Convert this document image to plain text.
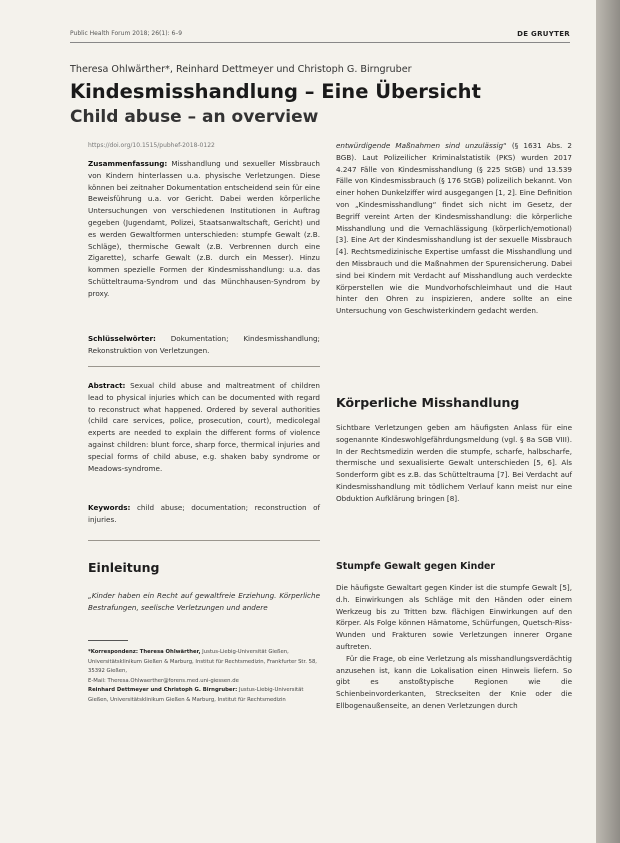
Public Health Forum 2018; 26(1): 6–9	DE GRUYTER
Theresa Ohlwärther*, Reinhard Dettmeyer und Christoph G. Birngruber
Kindesmisshandlung – Eine Übersicht
Child abuse – an overview
https://doi.org/10.1515/pubhef-2018-0122
Zusammenfassung: Misshandlung und sexueller Missbrauch von Kindern hinterlassen u.a. physische Verletzungen. Diese können bei zeitnaher Dokumentation entscheidend sein für eine Beweisführung u.a. vor Gericht. Dabei werden körperliche Untersuchungen von verschiedenen Institutionen in Auftrag gegeben (Jugendamt, Polizei, Staatsanwaltschaft, Gericht) und es werden Gewaltformen unterschieden: stumpfe Gewalt (z.B. Schläge), thermische Gewalt (z.B. Verbrennen durch eine Zigarette), scharfe Gewalt (z.B. durch ein Messer). Hinzu kommen spezielle Formen der Kindesmisshandlung: u.a. das Schütteltrauma-Syndrom und das Münchhausen-Syndrom by proxy.
Schlüsselwörter: Dokumentation; Kindesmisshandlung; Rekonstruktion von Verletzungen.
Abstract: Sexual child abuse and maltreatment of children lead to physical injuries which can be documented with regard to reconstruct what happened. Ordered by several authorities (child care services, police, prosecution, court), medicolegal experts are needed to explain the different forms of violence against children: blunt force, sharp force, thermical injuries and special forms of child abuse, e.g. shaken baby syndrome or Meadows-syndrome.
Keywords: child abuse; documentation; reconstruction of injuries.
Einleitung
„Kinder haben ein Recht auf gewaltfreie Erziehung. Körperliche Bestrafungen, seelische Verletzungen und andere
*Korrespondenz: Theresa Ohlwärther, Justus-Liebig-Universität Gießen, Universitätsklinikum Gießen & Marburg, Institut für Rechtsmedizin, Frankfurter Str. 58, 35392 Gießen,
E-Mail: Theresa.Ohlwaerther@forens.med.uni-giessen.de
Reinhard Dettmeyer und Christoph G. Birngruber: Justus-Liebig-Universität Gießen, Universitätsklinikum Gießen & Marburg, Institut für Rechtsmedizin
entwürdigende Maßnahmen sind unzulässig“ (§ 1631 Abs. 2 BGB). Laut Polizeilicher Kriminalstatistik (PKS) wurden 2017 4.247 Fälle von Kindesmisshandlung (§ 225 StGB) und 13.539 Fälle von Kindesmissbrauch (§ 176 StGB) polizeilich bekannt. Von einer hohen Dunkelziffer wird ausgegangen [1, 2]. Eine Definition von „Kindesmisshandlung“ findet sich nicht im Gesetz, der Begriff vereint Arten der Kindesmisshandlung: die körperliche Misshandlung und die Vernachlässigung (körperlich/emotional) [3]. Eine Art der Kindesmisshandlung ist der sexuelle Missbrauch [4]. Rechtsmedizinische Expertise umfasst die Misshandlung und den Missbrauch und die Maßnahmen der Spurensicherung. Dabei sind bei Kindern mit Verdacht auf Misshandlung auch verdeckte Körperstellen wie die Mundvorhofschleimhaut und die Haut hinter den Ohren zu inspizieren, andere sollte an eine Untersuchung von Geschwisterkindern gedacht werden.
Körperliche Misshandlung
Sichtbare Verletzungen geben am häufigsten Anlass für eine sogenannte Kindeswohlgefährdungsmeldung (vgl. § 8a SGB VIII). In der Rechtsmedizin werden die stumpfe, scharfe, halbscharfe, thermische und sexualisierte Gewalt unterschieden [5, 6]. Als Sonderform gibt es z.B. das Schütteltrauma [7]. Bei Verdacht auf Kindesmisshandlung mit tödlichem Verlauf kann meist nur eine Obduktion Aufklärung bringen [8].
Stumpfe Gewalt gegen Kinder

Die häufigste Gewaltart gegen Kinder ist die stumpfe Gewalt [5], d.h. Einwirkungen als Schläge mit den Händen oder einem Werkzeug bis zu Tritten bzw. flächigen Einwirkungen auf den Körper. Als Folge können Hämatome, Schürfungen, Quetsch-Riss-Wunden und Frakturen sowie Verletzungen innerer Organe auftreten.

Für die Frage, ob eine Verletzung als misshandlungsverdächtig anzusehen ist, kann die Lokalisation einen Hinweis liefern. So gibt es anstoßtypische Regionen wie die Schienbeinvorderkanten, Streckseiten der Knie oder die Ellbogenaußenseite, an denen Verletzungen durch
